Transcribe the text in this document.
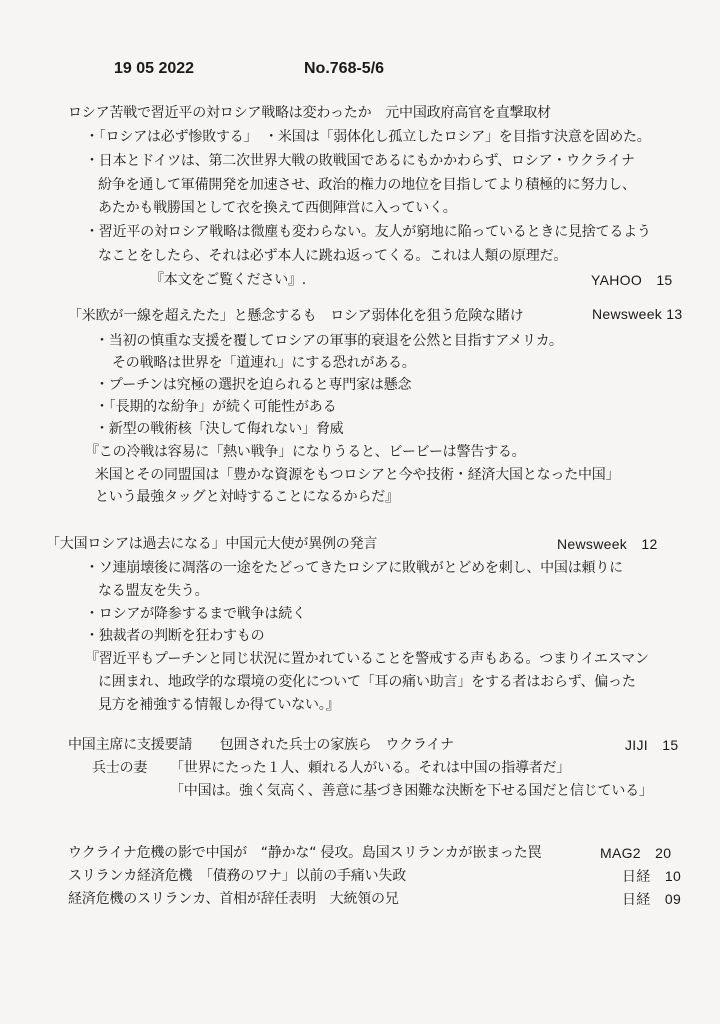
19 05 2022	No.768-5/6
ロシア苦戦で習近平の対ロシア戦略は変わったか　元中国政府高官を直撃取材
・「ロシアは必ず惨敗する」　・米国は「弱体化し孤立したロシア」を目指す決意を固めた。
・日本とドイツは、第二次世界大戦の敗戦国であるにもかかわらず、ロシア・ウクライナ
紛争を通して軍備開発を加速させ、政治的権力の地位を目指してより積極的に努力し、
あたかも戦勝国として衣を換えて西側陣営に入っていく。
・習近平の対ロシア戦略は微塵も変わらない。友人が窮地に陥っているときに見捨てるよう
なことをしたら、それは必ず本人に跳ね返ってくる。これは人類の原理だ。
『本文をご覧ください』.	YAHOO　15
「米欧が一線を超えたた」と懸念するも　ロシア弱体化を狙う危険な賭け	Newsweek 13
・当初の慎重な支援を覆してロシアの軍事的衰退を公然と目指すアメリカ。
その戦略は世界を「道連れ」にする恐れがある。
・プーチンは究極の選択を迫られると専門家は懸念
・「長期的な紛争」が続く可能性がある
・新型の戦術核「決して侮れない」脅威
『この冷戦は容易に「熱い戦争」になりうると、ビービーは警告する。
米国とその同盟国は「豊かな資源をもつロシアと今や技術・経済大国となった中国」
という最強タッグと対峙することになるからだ』
「大国ロシアは過去になる」中国元大使が異例の発言	Newsweek　12
・ソ連崩壊後に凋落の一途をたどってきたロシアに敗戦がとどめを刺し、中国は頼りに
なる盟友を失う。
・ロシアが降参するまで戦争は続く
・独裁者の判断を狂わすもの
『習近平もプーチンと同じ状況に置かれていることを警戒する声もある。つまりイエスマン
に囲まれ、地政学的な環境の変化について「耳の痛い助言」をする者はおらず、偏った
見方を補強する情報しか得ていない。』
中国主席に支援要請　　包囲された兵士の家族ら　ウクライナ	JIJI　15
兵士の妻 「世界にたった１人、頼れる人がいる。それは中国の指導者だ」
「中国は。強く気高く、善意に基づき困難な決断を下せる国だと信じている」
ウクライナ危機の影で中国が　“静かな“ 侵攻。島国スリランカが嵌まった罠	MAG2　20
スリランカ経済危機　「債務のワナ」以前の手痛い失政	日経　10
経済危機のスリランカ、首相が辞任表明　大統領の兄	日経　09
